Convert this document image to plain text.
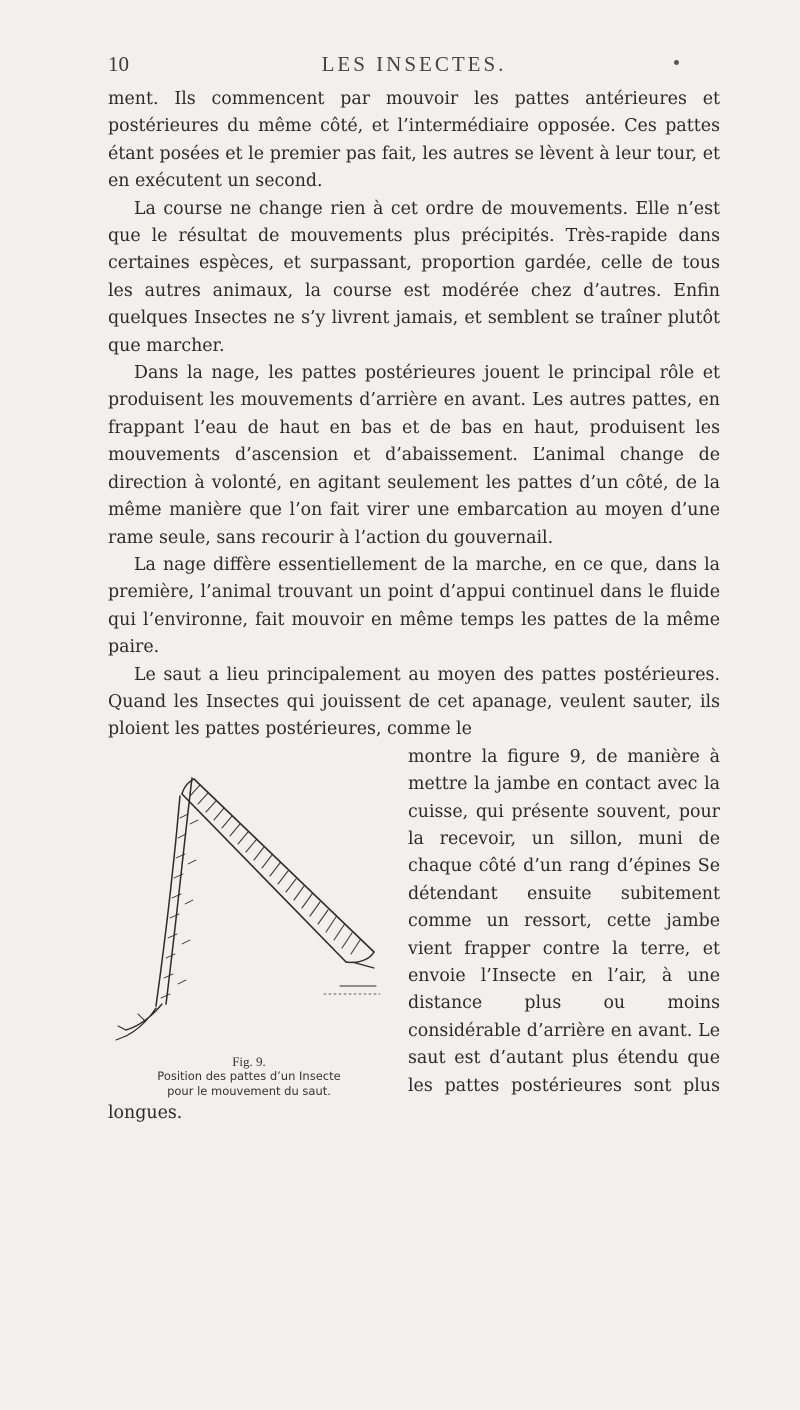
10	LES INSECTES.

ment. Ils commencent par mouvoir les pattes antérieures et postérieures du même côté, et l’intermédiaire opposée. Ces pattes étant posées et le premier pas fait, les autres se lèvent à leur tour, et en exécutent un second.

La course ne change rien à cet ordre de mouvements. Elle n’est que le résultat de mouvements plus précipités. Très-rapide dans certaines espèces, et surpassant, proportion gardée, celle de tous les autres animaux, la course est modérée chez d’autres. Enfin quelques Insectes ne s’y livrent jamais, et semblent se traîner plutôt que marcher.

Dans la nage, les pattes postérieures jouent le principal rôle et produisent les mouvements d’arrière en avant. Les autres pattes, en frappant l’eau de haut en bas et de bas en haut, produisent les mouvements d’ascension et d’abaissement. L’animal change de direction à volonté, en agitant seulement les pattes d’un côté, de la même manière que l’on fait virer une embarcation au moyen d’une rame seule, sans recourir à l’action du gouvernail.

La nage diffère essentiellement de la marche, en ce que, dans la première, l’animal trouvant un point d’appui continuel dans le fluide qui l’environne, fait mouvoir en même temps les pattes de la même paire.

Le saut a lieu principalement au moyen des pattes postérieures. Quand les Insectes qui jouissent de cet apanage, veulent sauter, ils ploient les pattes postérieures, comme le

Fig. 9.
Position des pattes d’un Insecte
pour le mouvement du saut.

montre la figure 9, de manière à mettre la jambe en contact avec la cuisse, qui présente souvent, pour la recevoir, un sillon, muni de chaque côté d’un rang d’épines Se détendant ensuite subitement comme un ressort, cette jambe vient frapper contre la terre, et envoie l’Insecte en l’air, à une distance plus ou moins considérable d’arrière en avant. Le saut est d’autant plus étendu que les pattes postérieures sont plus longues.
